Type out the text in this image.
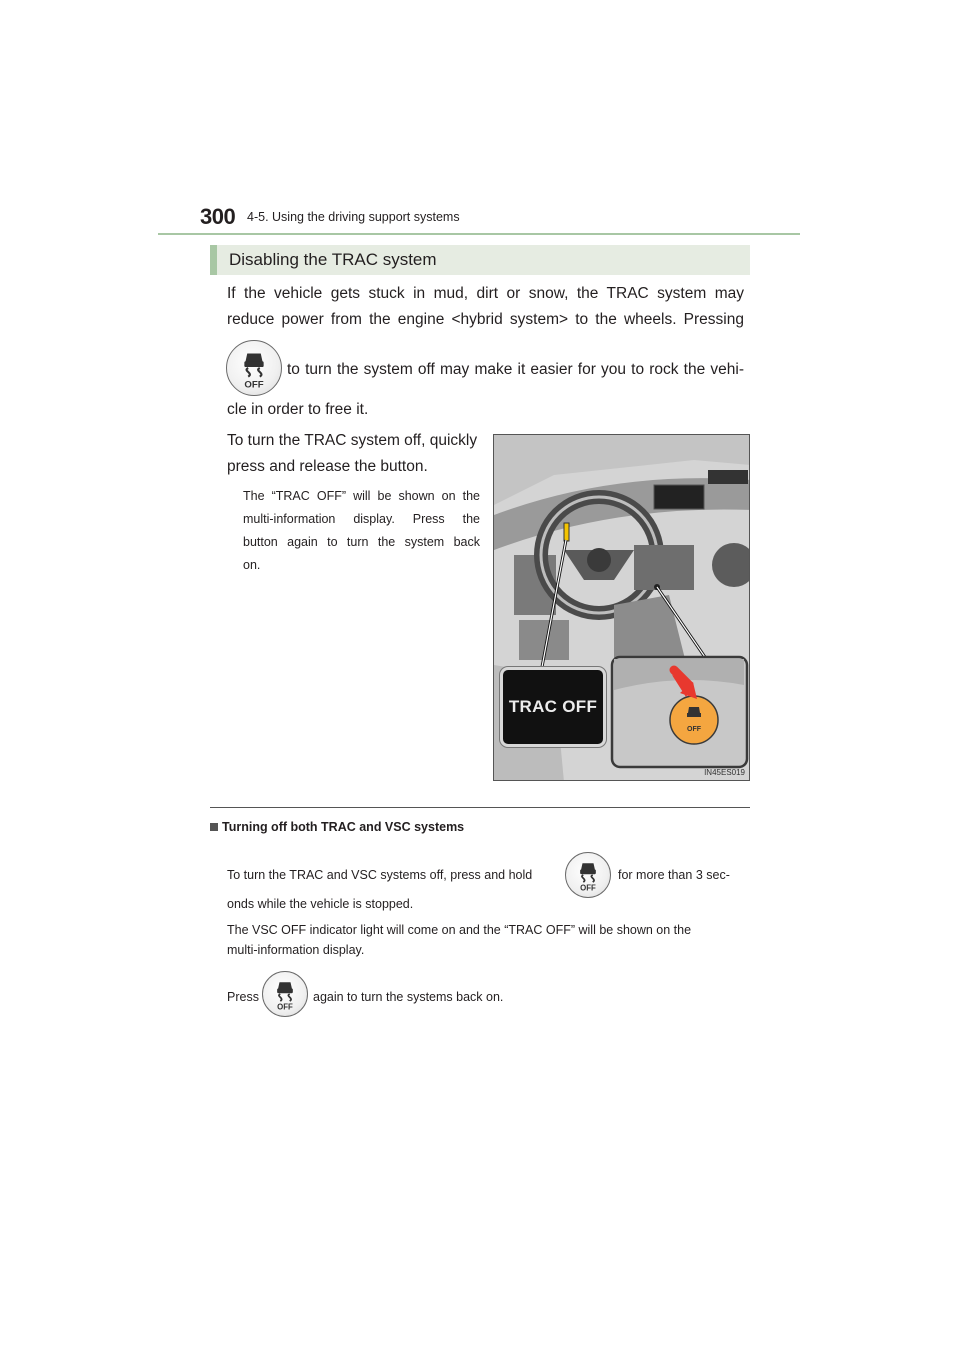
300 4-5. Using the driving support systems
Disabling the TRAC system
If the vehicle gets stuck in mud, dirt or snow, the TRAC system may
reduce power from the engine <hybrid system> to the wheels. Pressing
OFF
to turn the system off may make it easier for you to rock the vehi-
cle in order to free it.
To turn the TRAC system off, quickly
press and release the button.
The “TRAC OFF” will be shown on the
multi-information display. Press the
button again to turn the system back
on.
OFF
TRAC OFF
IN45ES019
Turning off both TRAC and VSC systems
To turn the TRAC and VSC systems off, press and hold
OFF
for more than 3 sec-
onds while the vehicle is stopped.
The VSC OFF indicator light will come on and the “TRAC OFF” will be shown on the
multi-information display.
Press
OFF
again to turn the systems back on.
